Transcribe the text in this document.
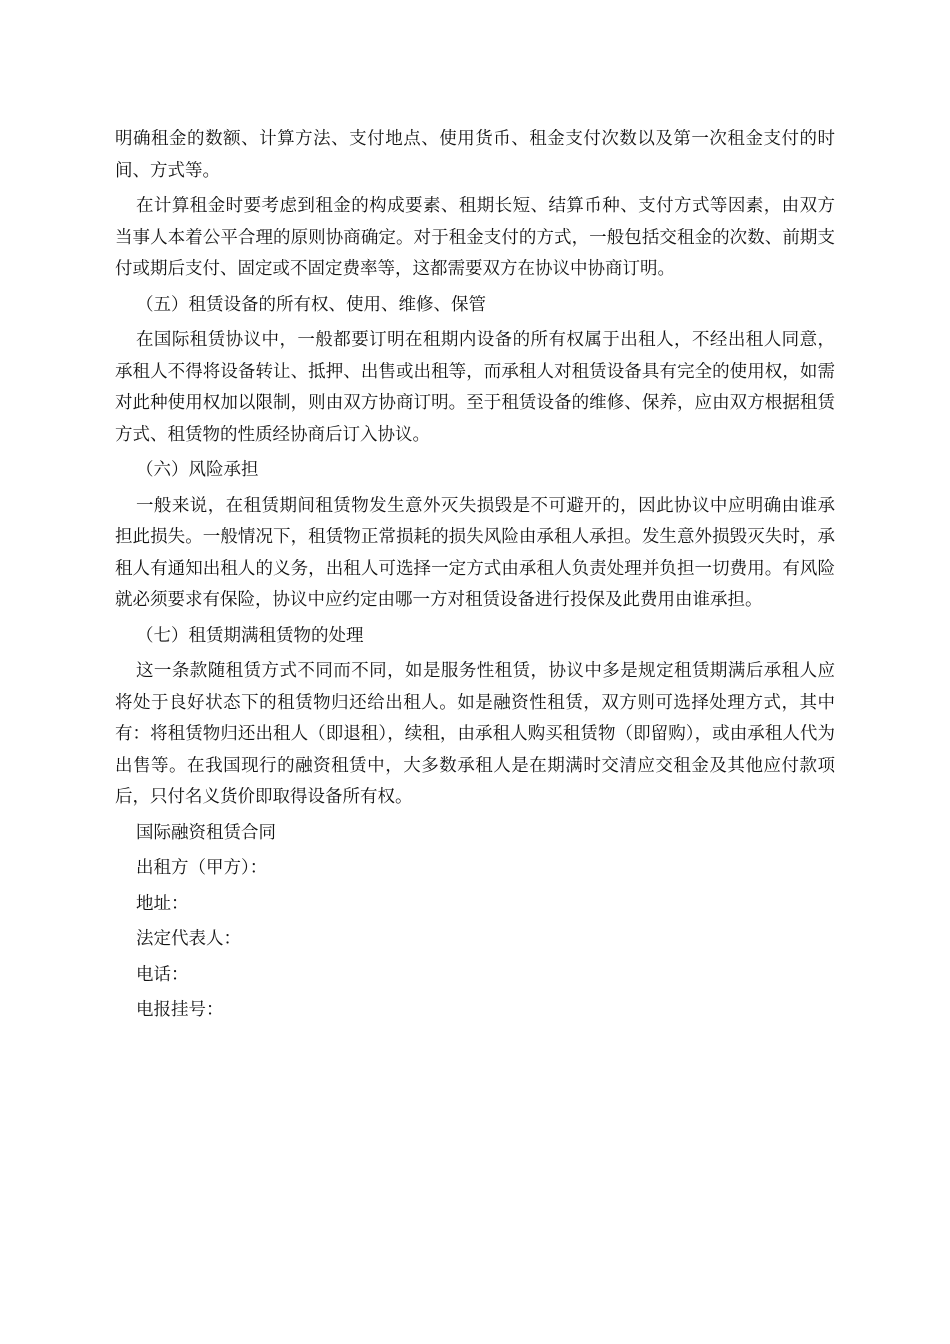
明确租金的数额、计算方法、支付地点、使用货币、租金支付次数以及第一次租金支付的时间、方式等。

在计算租金时要考虑到租金的构成要素、租期长短、结算币种、支付方式等因素，由双方当事人本着公平合理的原则协商确定。对于租金支付的方式，一般包括交租金的次数、前期支付或期后支付、固定或不固定费率等，这都需要双方在协议中协商订明。

（五）租赁设备的所有权、使用、维修、保管

在国际租赁协议中，一般都要订明在租期内设备的所有权属于出租人，不经出租人同意，承租人不得将设备转让、抵押、出售或出租等，而承租人对租赁设备具有完全的使用权，如需对此种使用权加以限制，则由双方协商订明。至于租赁设备的维修、保养，应由双方根据租赁方式、租赁物的性质经协商后订入协议。

（六）风险承担

一般来说，在租赁期间租赁物发生意外灭失损毁是不可避开的，因此协议中应明确由谁承担此损失。一般情况下，租赁物正常损耗的损失风险由承租人承担。发生意外损毁灭失时，承租人有通知出租人的义务，出租人可选择一定方式由承租人负责处理并负担一切费用。有风险就必须要求有保险，协议中应约定由哪一方对租赁设备进行投保及此费用由谁承担。

（七）租赁期满租赁物的处理

这一条款随租赁方式不同而不同，如是服务性租赁，协议中多是规定租赁期满后承租人应将处于良好状态下的租赁物归还给出租人。如是融资性租赁，双方则可选择处理方式，其中有：将租赁物归还出租人（即退租），续租，由承租人购买租赁物（即留购），或由承租人代为出售等。在我国现行的融资租赁中，大多数承租人是在期满时交清应交租金及其他应付款项后，只付名义货价即取得设备所有权。

国际融资租赁合同

出租方（甲方）：

地址：

法定代表人：

电话：

电报挂号：
